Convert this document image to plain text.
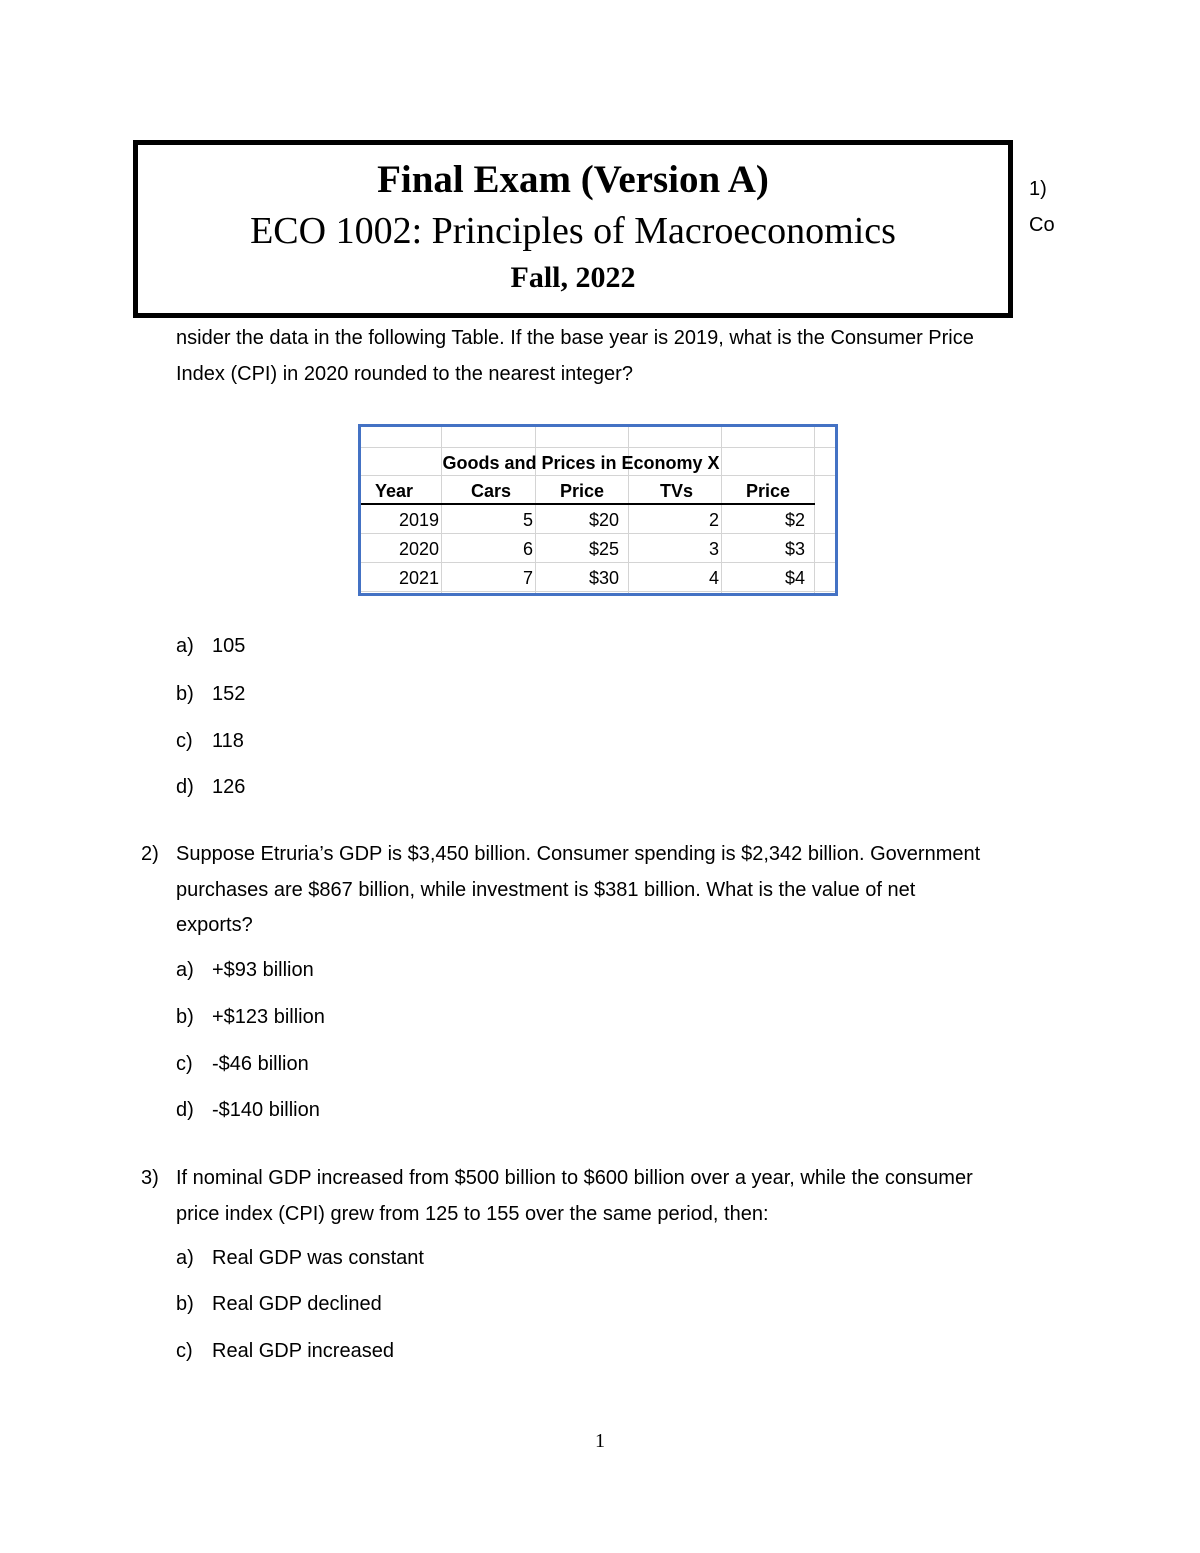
Final Exam (Version A)
ECO 1002: Principles of Macroeconomics
Fall, 2022
1)
Co
nsider the data in the following Table. If the base year is 2019, what is the Consumer Price
Index (CPI) in 2020 rounded to the nearest integer?
Goods and Prices in Economy X
Year	Cars	Price	TVs	Price
2019	5	$20	2	$2
2020	6	$25	3	$3
2021	7	$30	4	$4
a) 105
b) 152
c) 118
d) 126
2) Suppose Etruria’s GDP is $3,450 billion. Consumer spending is $2,342 billion. Government
purchases are $867 billion, while investment is $381 billion. What is the value of net
exports?
a) +$93 billion
b) +$123 billion
c) -$46 billion
d) -$140 billion
3) If nominal GDP increased from $500 billion to $600 billion over a year, while the consumer
price index (CPI) grew from 125 to 155 over the same period, then:
a) Real GDP was constant
b) Real GDP declined
c) Real GDP increased
1
